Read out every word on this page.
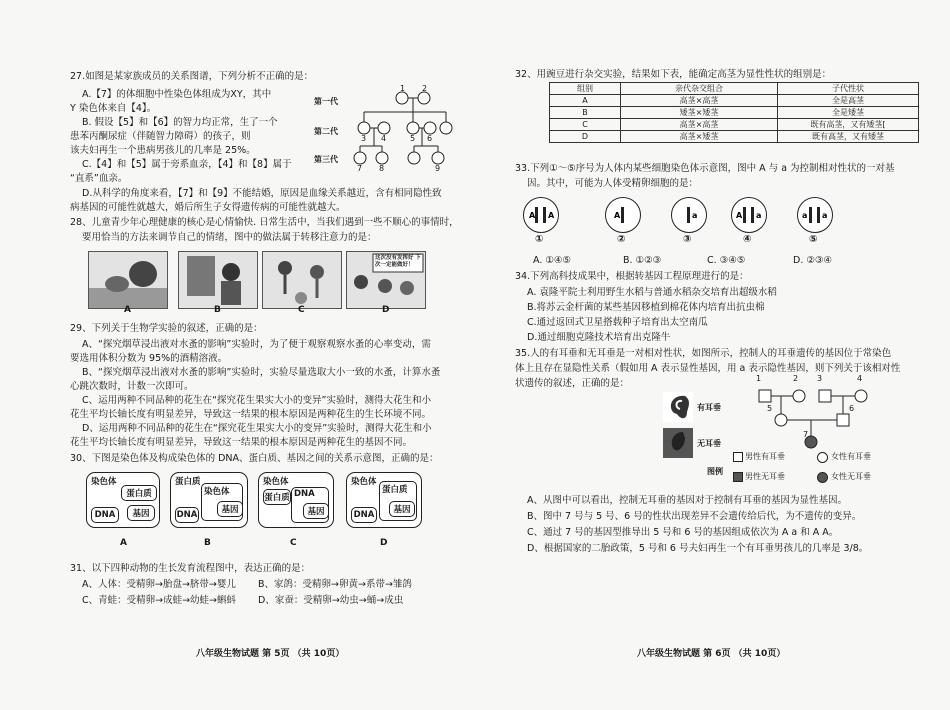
27.如图是某家族成员的关系图谱，下列分析不正确的是：
A.【7】的体细胞中性染色体组成为XY，其中
Y 染色体来自【4】。
B. 假设【5】和【6】的智力均正常，生了一个
患苯丙酮尿症（伴随智力障碍）的孩子，则
该夫妇再生一个患病男孩儿的几率是 25%。
C.【4】和【5】属于旁系血亲，【4】和【8】属于
“直系”血亲。
D.从科学的角度来看，【7】和【9】不能结婚，原因是血缘关系越近，含有相同隐性致
病基因的可能性就越大，婚后所生子女得遗传病的可能性就越大。
第一代
第二代
第三代
1 2
3 4	5 6
7 8	9
28、儿童青少年心理健康的核心是心情愉快. 日常生活中，当我们遇到一些不顺心的事情时，
要用恰当的方法来调节自己的情绪，图中的做法属于转移注意力的是：
这次没有发挥好 下次一定能做好！
A	B	C	D
29、下列关于生物学实验的叙述，正确的是：
A、“探究烟草浸出液对水蚤的影响”实验时，为了便于观察观察水蚤的心率变动，需
要选用体积分数为 95%的酒精溶液。
B、“探究烟草浸出液对水蚤的影响”实验时，实验尽量选取大小一致的水蚤，计算水蚤
心跳次数时，计数一次即可。
C、运用两种不同品种的花生在“探究花生果实大小的变异”实验时，测得大花生和小
花生平均长轴长度有明显差异，导致这一结果的根本原因是两种花生的生长环境不同。
D、运用两种不同品种的花生在“探究花生果实大小的变异”实验时，测得大花生和小
花生平均长轴长度有明显差异，导致这一结果的根本原因是两种花生的基因不同。
30、下图是染色体及构成染色体的 DNA、蛋白质、基因之间的关系示意图，正确的是：
染色体
蛋白质
DNA	基因
蛋白质
染色体
DNA	基因
染色体
蛋白质 DNA
基因
染色体
蛋白质
DNA	基因
A	B	C	D
31、以下四种动物的生长发育流程图中，表达正确的是：
A、人体：受精卵→胎盘→脐带→婴儿 B、家鸽：受精卵→卵黄→系带→雏鸽
C、青蛙：受精卵→成蛙→幼蛙→蝌蚪 D、家蚕：受精卵→幼虫→蛹→成虫
八年级生物试题 第 5页 （共 10页）
32、用豌豆进行杂交实验，结果如下表，能确定高茎为显性性状的组别是：
组别	亲代杂交组合	子代性状
A	高茎×高茎	全是高茎
B	矮茎×矮茎	全是矮茎
C	高茎×高茎	既有高茎，又有矮茎[
D	高茎×矮茎	既有高茎，又有矮茎
33.下列①～⑤序号为人体内某些细胞染色体示意图，图中 A 与 a 为控制相对性状的一对基
因。其中，可能为人体受精卵细胞的是：
A A	A	a	A a	a a
①	②	③	④	⑤
A. ①④⑤	B. ①②③	C. ③④⑤	D. ②③④
34.下列高科技成果中，根据转基因工程原理进行的是：
A. 袁隆平院士利用野生水稻与普通水稻杂交培育出超级水稻
B.将苏云金杆菌的某些基因移植到棉花体内培育出抗虫棉
C.通过返回式卫星搭载种子培育出太空南瓜
D.通过细胞克隆技术培育出克隆牛
35.人的有耳垂和无耳垂是一对相对性状，如图所示，控制人的耳垂遗传的基因位于常染色
体上且存在显隐性关系（假如用 A 表示显性基因，用 a 表示隐性基因，则下列关于该相对性
状遗传的叙述，正确的是：
有耳垂
无耳垂
1	2 3	4
5	6
7
图例
男性有耳垂	女性有耳垂
男性无耳垂	女性无耳垂
A、从图中可以看出，控制无耳垂的基因对于控制有耳垂的基因为显性基因。
B、图中 7 号与 5 号、6 号的性状出现差异不会遗传给后代，为不遗传的变异。
C、通过 7 号的基因型推导出 5 号和 6 号的基因组成依次为 A a 和 A A。
D、根据国家的二胎政策，5 号和 6 号夫妇再生一个有耳垂男孩儿的几率是 3/8。
八年级生物试题 第 6页 （共 10页）
